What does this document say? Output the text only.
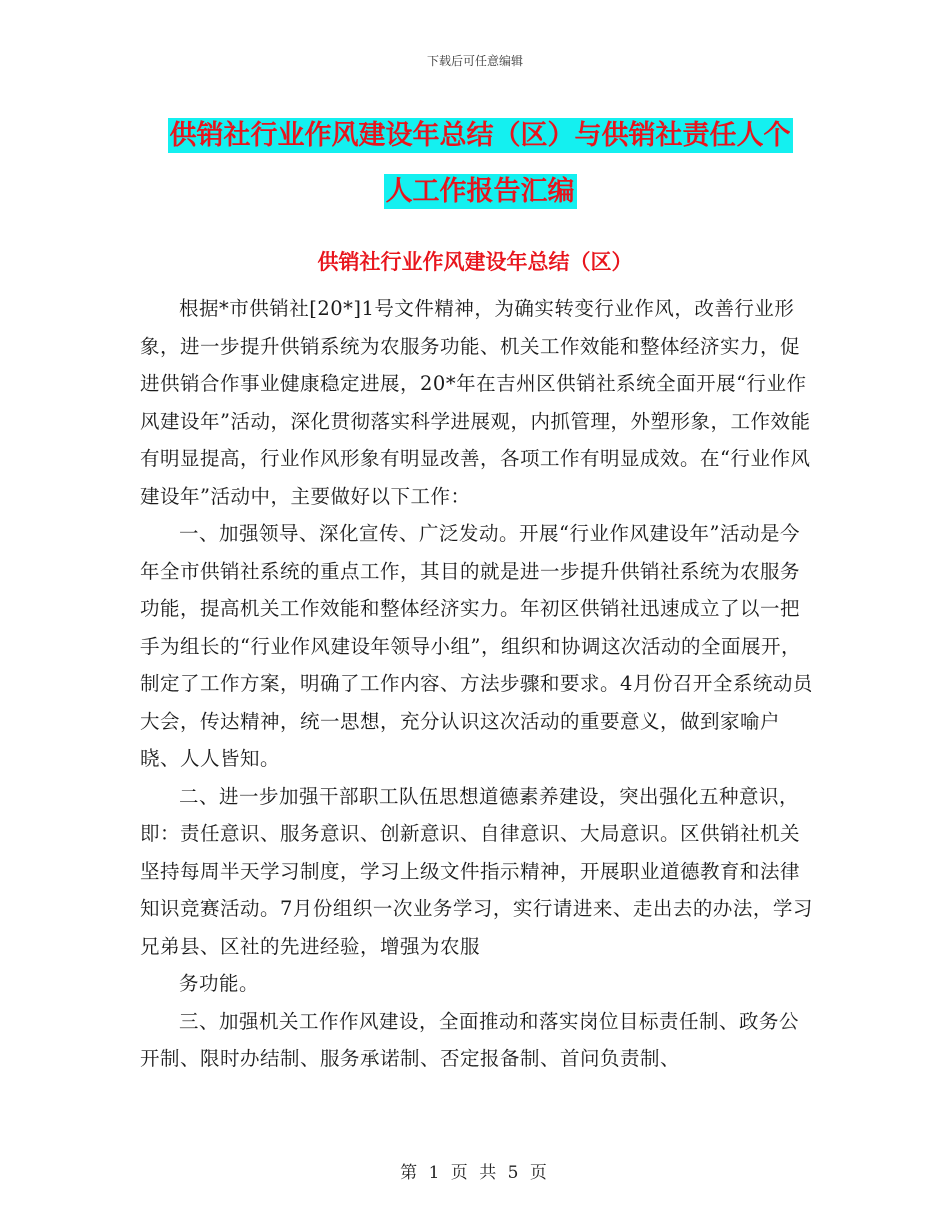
下载后可任意编辑
供销社行业作风建设年总结（区）与供销社责任人个
人工作报告汇编
供销社行业作风建设年总结（区）

根据*市供销社[20*]1号文件精神，为确实转变行业作风，改善行业形象，进一步提升供销系统为农服务功能、机关工作效能和整体经济实力，促进供销合作事业健康稳定进展，20*年在吉州区供销社系统全面开展“行业作风建设年”活动，深化贯彻落实科学进展观，内抓管理，外塑形象，工作效能有明显提高，行业作风形象有明显改善，各项工作有明显成效。在“行业作风建设年”活动中，主要做好以下工作：

一、加强领导、深化宣传、广泛发动。开展“行业作风建设年”活动是今年全市供销社系统的重点工作，其目的就是进一步提升供销社系统为农服务功能，提高机关工作效能和整体经济实力。年初区供销社迅速成立了以一把手为组长的“行业作风建设年领导小组”，组织和协调这次活动的全面展开，制定了工作方案，明确了工作内容、方法步骤和要求。4月份召开全系统动员大会，传达精神，统一思想，充分认识这次活动的重要意义，做到家喻户晓、人人皆知。

二、进一步加强干部职工队伍思想道德素养建设，突出强化五种意识，即：责任意识、服务意识、创新意识、自律意识、大局意识。区供销社机关坚持每周半天学习制度，学习上级文件指示精神，开展职业道德教育和法律知识竞赛活动。7月份组织一次业务学习，实行请进来、走出去的办法，学习兄弟县、区社的先进经验，增强为农服

务功能。

三、加强机关工作作风建设，全面推动和落实岗位目标责任制、政务公开制、限时办结制、服务承诺制、否定报备制、首问负责制、

第 1 页 共 5 页
